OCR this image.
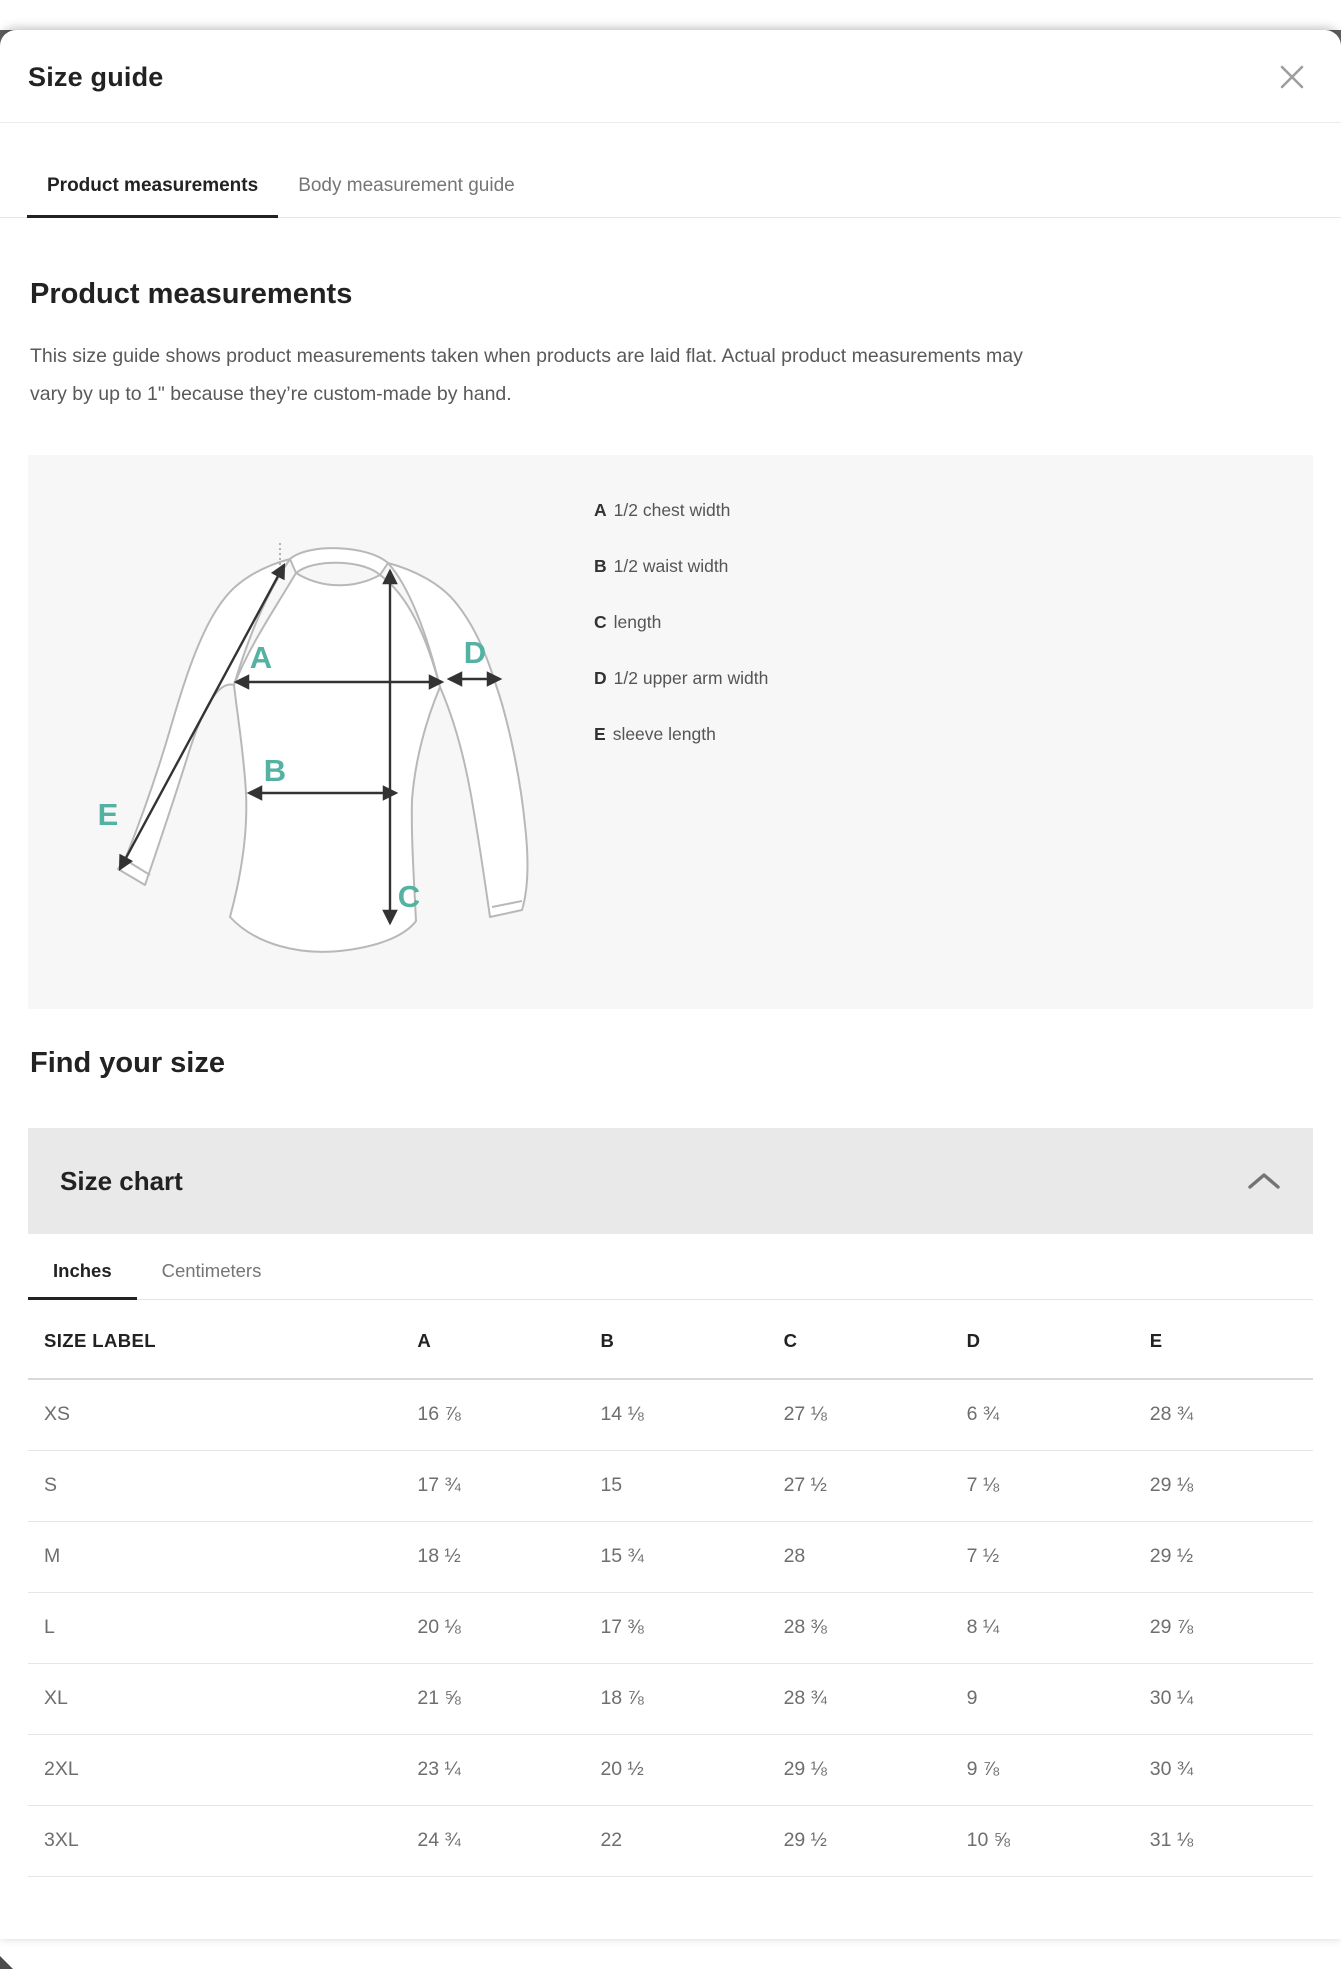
Size guide
Product measurements	Body measurement guide
Product measurements

This size guide shows product measurements taken when products are laid flat. Actual product measurements may vary by up to 1" because they’re custom-made by hand.

A
B
C
D
E
A 1/2 chest width
B 1/2 waist width
C length
D 1/2 upper arm width
E sleeve length
Find your size
Size chart
Inches	Centimeters
SIZE LABEL	A	B	C	D	E
XS	16 ⅞	14 ⅛	27 ⅛	6 ¾	28 ¾
S	17 ¾	15	27 ½	7 ⅛	29 ⅛
M	18 ½	15 ¾	28	7 ½	29 ½
L	20 ⅛	17 ⅜	28 ⅜	8 ¼	29 ⅞
XL	21 ⅝	18 ⅞	28 ¾	9	30 ¼
2XL	23 ¼	20 ½	29 ⅛	9 ⅞	30 ¾
3XL	24 ¾	22	29 ½	10 ⅝	31 ⅛
